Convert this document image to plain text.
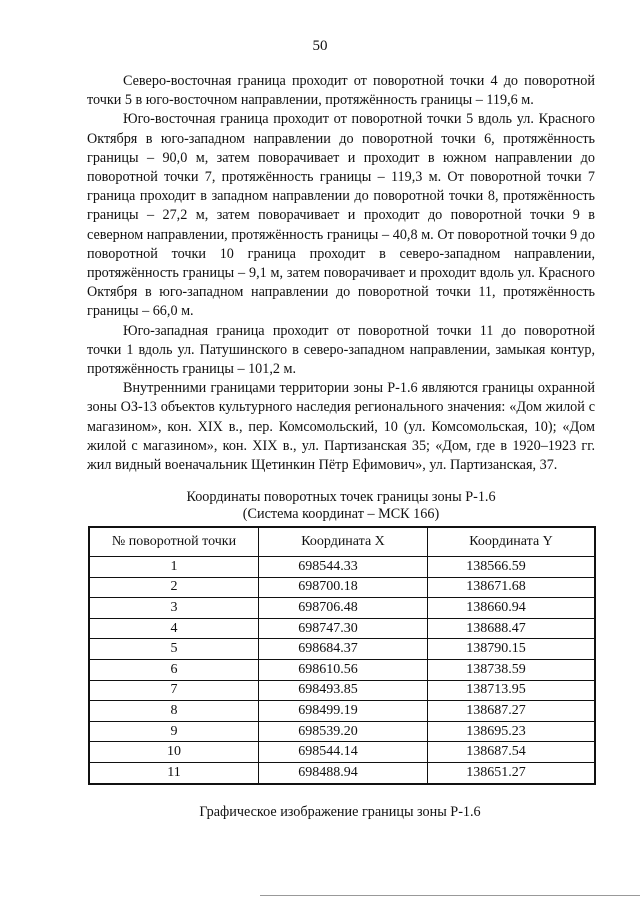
50

Северо-восточная граница проходит от поворотной точки 4 до поворотной точки 5 в юго-восточном направлении, протяжённость границы – 119,6 м.

Юго-восточная граница проходит от поворотной точки 5 вдоль ул. Красного Октября в юго-западном направлении до поворотной точки 6, протяжённость границы – 90,0 м, затем поворачивает и проходит в южном направлении до поворотной точки 7, протяжённость границы – 119,3 м. От поворотной точки 7 граница проходит в западном направлении до поворотной точки 8, протяжённость границы – 27,2 м, затем поворачивает и проходит до поворотной точки 9 в северном направлении, протяжённость границы – 40,8 м. От поворотной точки 9 до поворотной точки 10 граница проходит в северо-западном направлении, протяжённость границы – 9,1 м, затем поворачивает и проходит вдоль ул. Красного Октября в юго-западном направлении до поворотной точки 11, протяжённость границы – 66,0 м.

Юго-западная граница проходит от поворотной точки 11 до поворотной точки 1 вдоль ул. Патушинского в северо-западном направлении, замыкая контур, протяжённость границы – 101,2 м.

Внутренними границами территории зоны Р-1.6 являются границы охранной зоны ОЗ-13 объектов культурного наследия регионального значения: «Дом жилой с магазином», кон. XIX в., пер. Комсомольский, 10 (ул. Комсомольская, 10); «Дом жилой с магазином», кон. XIX в., ул. Партизанская 35; «Дом, где в 1920–1923 гг. жил видный военачальник Щетинкин Пётр Ефимович», ул. Партизанская, 37.

Координаты поворотных точек границы зоны Р-1.6
(Система координат – МСК 166)
№ поворотной точки	Координата X	Координата Y
1	698544.33	138566.59
2	698700.18	138671.68
3	698706.48	138660.94
4	698747.30	138688.47
5	698684.37	138790.15
6	698610.56	138738.59
7	698493.85	138713.95
8	698499.19	138687.27
9	698539.20	138695.23
10	698544.14	138687.54
11	698488.94	138651.27
Графическое изображение границы зоны Р-1.6
